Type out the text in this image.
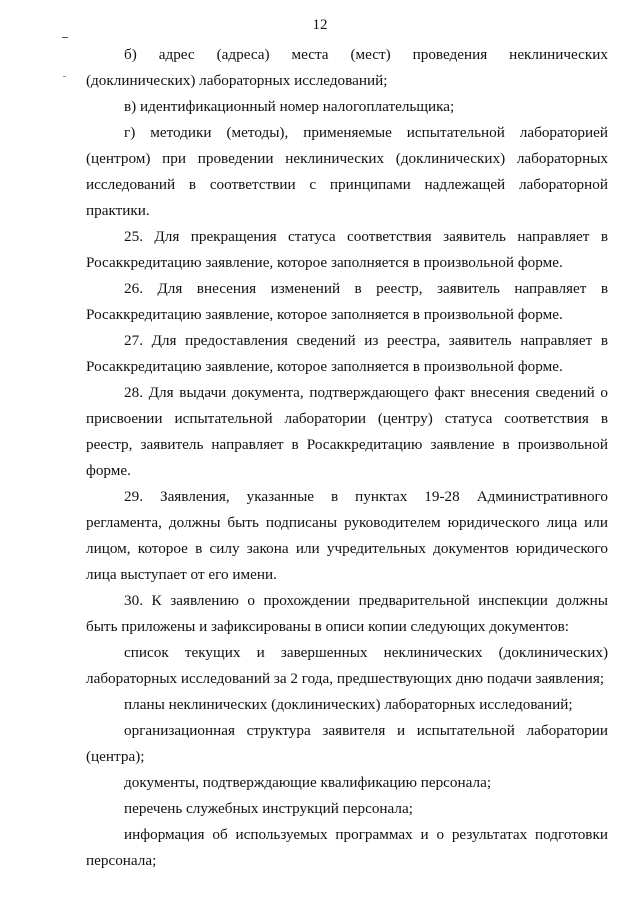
12

б) адрес (адреса) места (мест) проведения неклинических (доклинических) лабораторных исследований;

в) идентификационный номер налогоплательщика;

г) методики (методы), применяемые испытательной лабораторией (центром) при проведении неклинических (доклинических) лабораторных исследований в соответствии с принципами надлежащей лабораторной практики.

25. Для прекращения статуса соответствия заявитель направляет в Росаккредитацию заявление, которое заполняется в произвольной форме.

26. Для внесения изменений в реестр, заявитель направляет в Росаккредитацию заявление, которое заполняется в произвольной форме.

27. Для предоставления сведений из реестра, заявитель направляет в Росаккредитацию заявление, которое заполняется в произвольной форме.

28. Для выдачи документа, подтверждающего факт внесения сведений о присвоении испытательной лаборатории (центру) статуса соответствия в реестр, заявитель направляет в Росаккредитацию заявление в произвольной форме.

29. Заявления, указанные в пунктах 19-28 Административного регламента, должны быть подписаны руководителем юридического лица или лицом, которое в силу закона или учредительных документов юридического лица выступает от его имени.

30. К заявлению о прохождении предварительной инспекции должны быть приложены и зафиксированы в описи копии следующих документов:

список текущих и завершенных неклинических (доклинических) лабораторных исследований за 2 года, предшествующих дню подачи заявления;

планы неклинических (доклинических) лабораторных исследований;

организационная структура заявителя и испытательной лаборатории (центра);

документы, подтверждающие квалификацию персонала;

перечень служебных инструкций персонала;

информация об используемых программах и о результатах подготовки персонала;
